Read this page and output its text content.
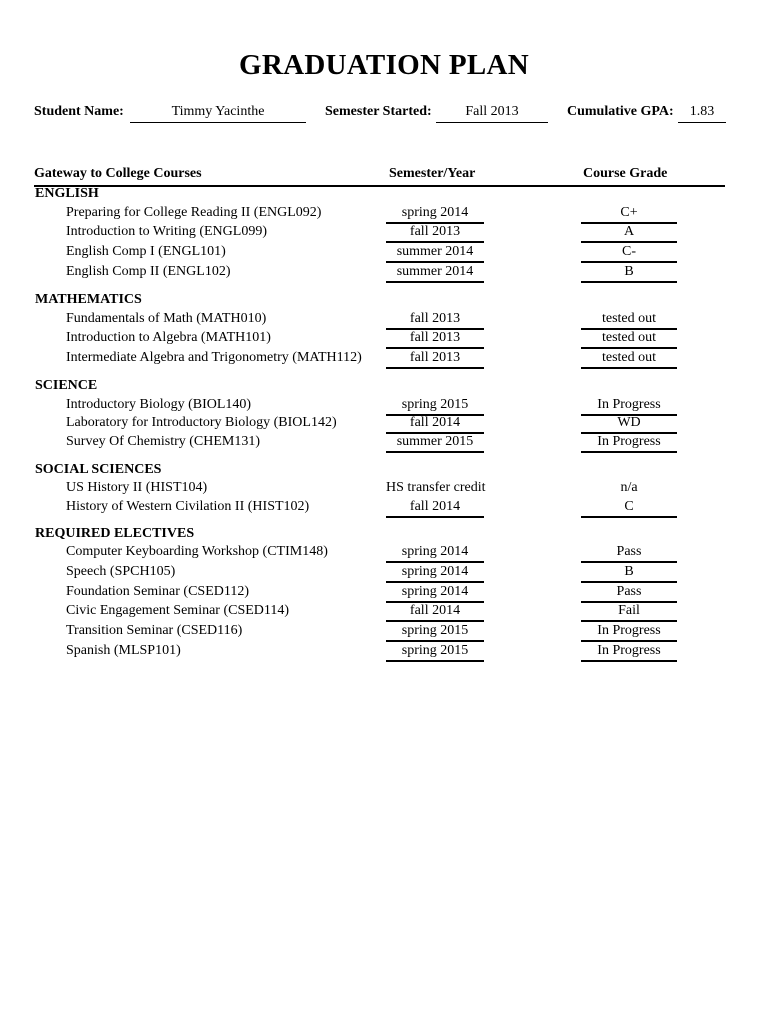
GRADUATION PLAN
Student Name:	Timmy Yacinthe	Semester Started:	Fall 2013	Cumulative GPA:	1.83
Gateway to College Courses	Semester/Year	Course Grade
ENGLISH
Preparing for College Reading II (ENGL092)	spring 2014	C+
Introduction to Writing (ENGL099)	fall 2013	A
English Comp I (ENGL101)	summer 2014	C-
English Comp II (ENGL102)	summer 2014	B
MATHEMATICS
Fundamentals of Math (MATH010)	fall 2013	tested out
Introduction to Algebra (MATH101)	fall 2013	tested out
Intermediate Algebra and Trigonometry (MATH112)	fall 2013	tested out
SCIENCE
Introductory Biology (BIOL140)	spring 2015	In Progress
Laboratory for Introductory Biology (BIOL142)	fall 2014	WD
Survey Of Chemistry (CHEM131)	summer 2015	In Progress
SOCIAL SCIENCES
US History II (HIST104)	HS transfer credit	n/a
History of Western Civilation II (HIST102)	fall 2014	C
REQUIRED ELECTIVES
Computer Keyboarding Workshop (CTIM148)	spring 2014	Pass
Speech (SPCH105)	spring 2014	B
Foundation Seminar (CSED112)	spring 2014	Pass
Civic Engagement Seminar (CSED114)	fall 2014	Fail
Transition Seminar (CSED116)	spring 2015	In Progress
Spanish (MLSP101)	spring 2015	In Progress
